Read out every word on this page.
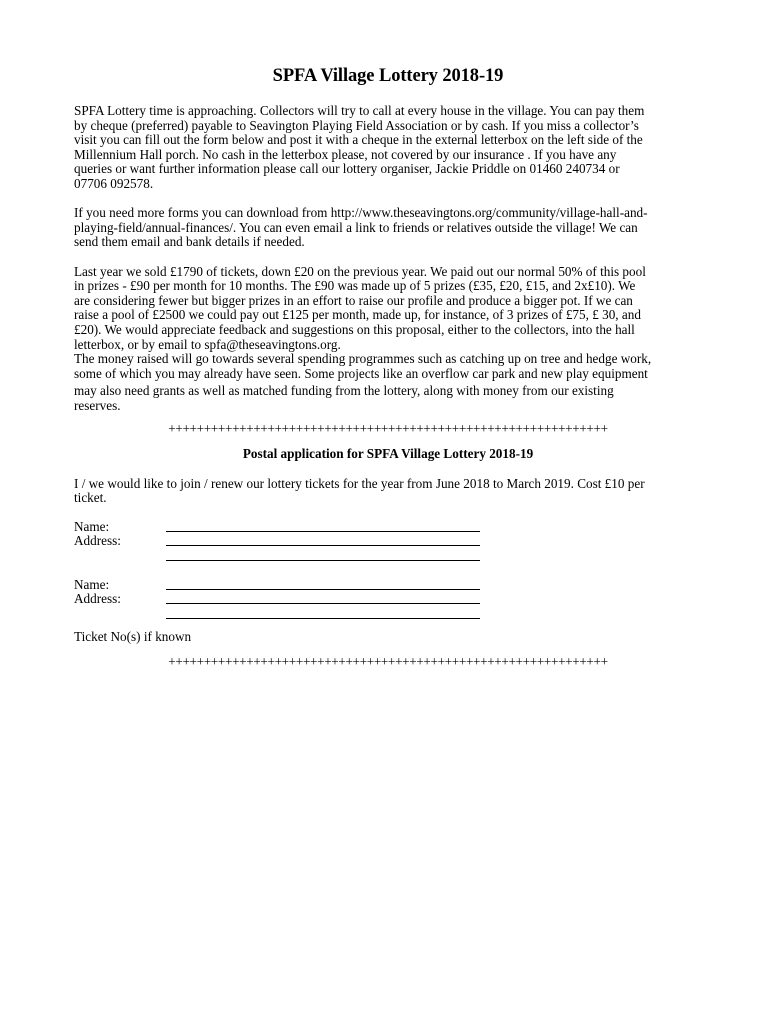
SPFA Village Lottery 2018-19
SPFA Lottery time is approaching. Collectors will try to call at every house in the village. You can pay them
by cheque (preferred) payable to Seavington Playing Field Association or by cash. If you miss a collector’s
visit you can fill out the form below and post it with a cheque in the external letterbox on the left side of the
Millennium Hall porch. No cash in the letterbox please, not covered by our insurance . If you have any
queries or want further information please call our lottery organiser, Jackie Priddle on 01460 240734 or
07706 092578.
If you need more forms you can download from http://www.theseavingtons.org/community/village-hall-and-
playing-field/annual-finances/. You can even email a link to friends or relatives outside the village! We can
send them email and bank details if needed.
Last year we sold £1790 of tickets, down £20 on the previous year. We paid out our normal 50% of this pool
in prizes - £90 per month for 10 months. The £90 was made up of 5 prizes (£35, £20, £15, and 2x£10). We
are considering fewer but bigger prizes in an effort to raise our profile and produce a bigger pot. If we can
raise a pool of £2500 we could pay out £125 per month, made up, for instance, of 3 prizes of £75, £ 30, and
£20). We would appreciate feedback and suggestions on this proposal, either to the collectors, into the hall
letterbox, or by email to spfa@theseavingtons.org.
The money raised will go towards several spending programmes such as catching up on tree and hedge work,
some of which you may already have seen. Some projects like an overflow car park and new play equipment
may also need grants as well as matched funding from the lottery, along with money from our existing
reserves.
++++++++++++++++++++++++++++++++++++++++++++++++++++++++++++++
Postal application for SPFA Village Lottery 2018-19
I / we would like to join / renew our lottery tickets for the year from June 2018 to March 2019. Cost £10 per
ticket.
Name:
Address:
Name:
Address:
Ticket No(s) if known
++++++++++++++++++++++++++++++++++++++++++++++++++++++++++++++
